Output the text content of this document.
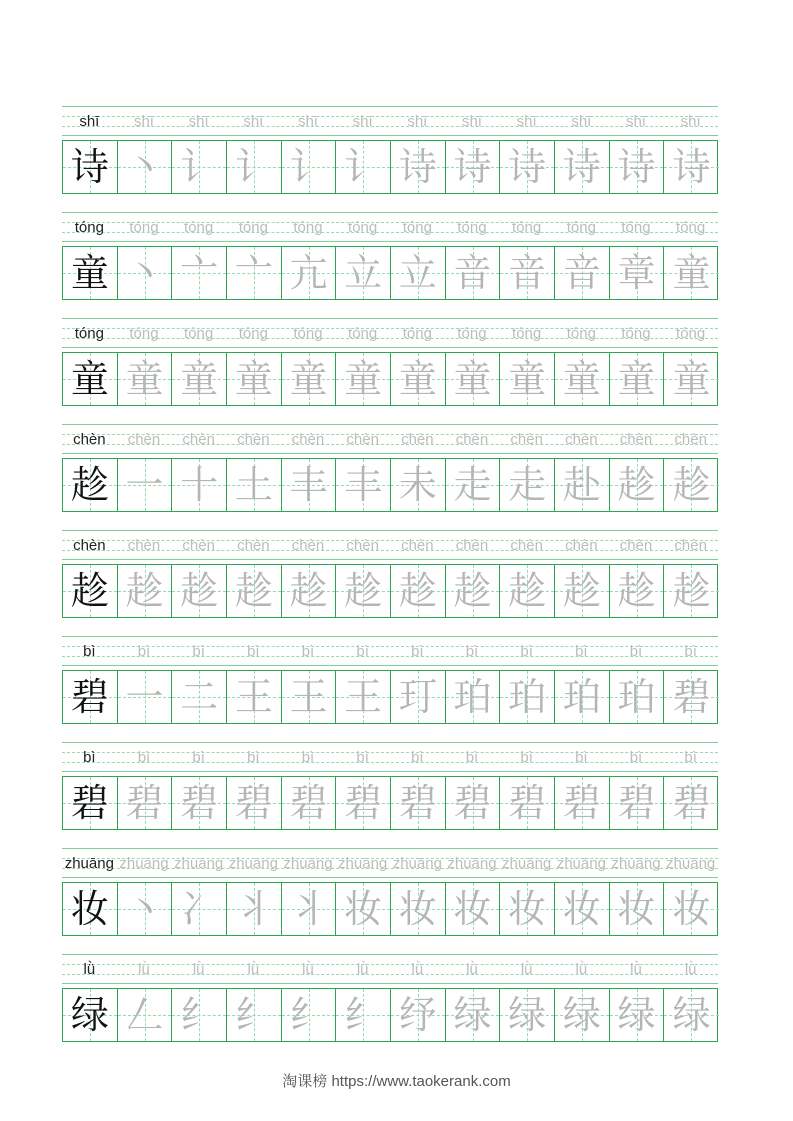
shī	shī	shī	shī	shī	shī	shī	shī	shī	shī	shī	shī
诗 丶 讠 讠 讠 讠 诗 诗 诗 诗 诗 诗
tóng	tóng	tóng	tóng	tóng	tóng	tóng	tóng	tóng	tóng	tóng	tóng
童 丶 亠 亠 亢 立 立 音 音 音 章 童
tóng	tóng	tóng	tóng	tóng	tóng	tóng	tóng	tóng	tóng	tóng	tóng
童 童 童 童 童 童 童 童 童 童 童 童
chèn	chèn	chèn	chèn	chèn	chèn	chèn	chèn	chèn	chèn	chèn	chèn
趁 一 十 土 丰 丰 未 走 走 赴 趁 趁
chèn	chèn	chèn	chèn	chèn	chèn	chèn	chèn	chèn	chèn	chèn	chèn
趁 趁 趁 趁 趁 趁 趁 趁 趁 趁 趁 趁
bì	bì	bì	bì	bì	bì	bì	bì	bì	bì	bì	bì
碧 一 二 王 王 王 玎 珀 珀 珀 珀 碧
bì	bì	bì	bì	bì	bì	bì	bì	bì	bì	bì	bì
碧 碧 碧 碧 碧 碧 碧 碧 碧 碧 碧 碧
zhuāng zhuāng zhuāng zhuāng zhuāng zhuāng zhuāng zhuāng zhuāng zhuāng zhuāng zhuāng
妆 丶 冫 丬 丬 妆 妆 妆 妆 妆 妆 妆
lǜ	lǜ	lǜ	lǜ	lǜ	lǜ	lǜ	lǜ	lǜ	lǜ	lǜ	lǜ
绿 𠃋 纟 纟 纟 纟 纾 绿 绿 绿 绿 绿
淘课榜 https://www.taokerank.com
